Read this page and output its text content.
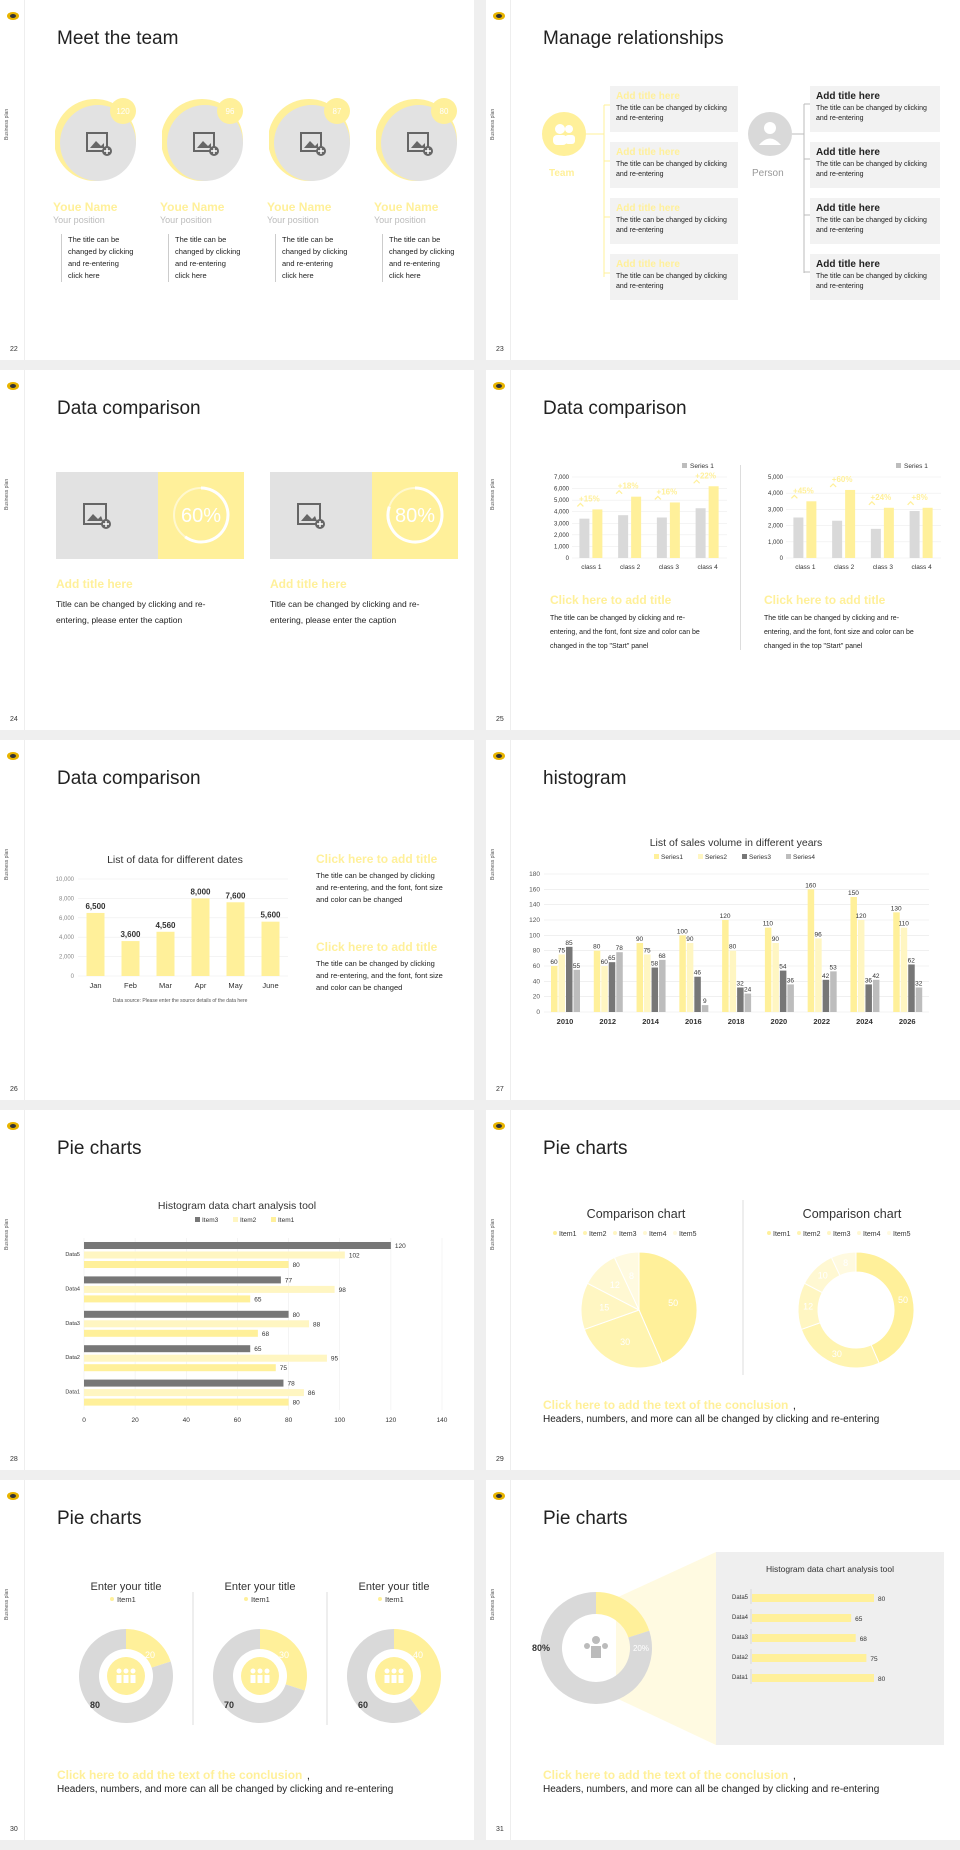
Business plan
22
Meet the team
120
Youe Name
Your position
The title can be
changed by clicking
and re-entering
click here
96
Youe Name
Your position
The title can be
changed by clicking
and re-entering
click here
87
Youe Name
Your position
The title can be
changed by clicking
and re-entering
click here
80
Youe Name
Your position
The title can be
changed by clicking
and re-entering
click here
Business plan
23
Manage relationships
Team	Person
Add title here
The title can be changed by clicking
and re-entering
Add title here
The title can be changed by clicking
and re-entering
Add title here
The title can be changed by clicking
and re-entering
Add title here
The title can be changed by clicking
and re-entering
Add title here
The title can be changed by clicking
and re-entering
Add title here
The title can be changed by clicking
and re-entering
Add title here
The title can be changed by clicking
and re-entering
Add title here
The title can be changed by clicking
and re-entering
Business plan
24
Data comparison
60%
Add title here
Title can be changed by clicking and re-
entering, please enter the caption
80%
Add title here
Title can be changed by clicking and re-
entering, please enter the caption
Business plan
25
Data comparison
Series 1
7,000
6,000
5,000
4,000
3,000
2,000
1,000
0
+15%
class 1
+18%
class 2
+16%
class 3
+22%
class 4
Click here to add title
The title can be changed by clicking and re-
entering, and the font, font size and color can be
changed in the top "Start" panel
Series 1
5,000
4,000
3,000
2,000
1,000
0
+45%
class 1
+60%
class 2
+24%
class 3
+8%
class 4
Click here to add title
The title can be changed by clicking and re-
entering, and the font, font size and color can be
changed in the top "Start" panel
Business plan
26
Data comparison
List of data for different dates
10,000
8,000
6,000
4,000
2,000
0
6,500
Jan
3,600
Feb
4,560
Mar
8,000
Apr
7,600
May
5,600
June
Data source: Please enter the source details of the data here
Click here to add title
The title can be changed by clicking
and re-entering, and the font, font size
and color can be changed
Click here to add title
The title can be changed by clicking
and re-entering, and the font, font size
and color can be changed
Business plan
27
histogram
List of sales volume in different years
Series1	Series2	Series3	Series4
180
160
140
120
100
80
60
40
20
0
60
75
85
55
2010
80
60
65
78
2012
90
75
58
68
2014
100
90
46
9
2016
120
80
32
24
2018
110
90
54
36
2020
160
96
42
53
2022
150
120
36
42
2024
130
110
62
32
2026
Business plan
28
Pie charts
Histogram data chart analysis tool
Item3	Item2	Item1
0	20	40	60	80	100	120	140
120
102
80
Data5
77
98
65
Data4
80
88
68
Data3
65
95
75
Data2
78
86
80
Data1
Business plan
29
Pie charts
Comparison chart	Comparison chart
Item1 Item2 Item3 Item4 Item5	Item1 Item2 Item3 Item4 Item5
50
30
15
12
8
50
30
12
10
8
Click here to add the text of the conclusion ,
Headers, numbers, and more can all be changed by clicking and re-entering
Business plan
30
Pie charts
Enter your title
Item1
80
20
Enter your title
Item1
70
30
Enter your title
Item1
60
40
Click here to add the text of the conclusion ,
Headers, numbers, and more can all be changed by clicking and re-entering
Business plan
31
Pie charts
80%	20%
Histogram data chart analysis tool
Data5	80
Data4	65
Data3	68
Data2	75
Data1	80
Click here to add the text of the conclusion ,
Headers, numbers, and more can all be changed by clicking and re-entering
